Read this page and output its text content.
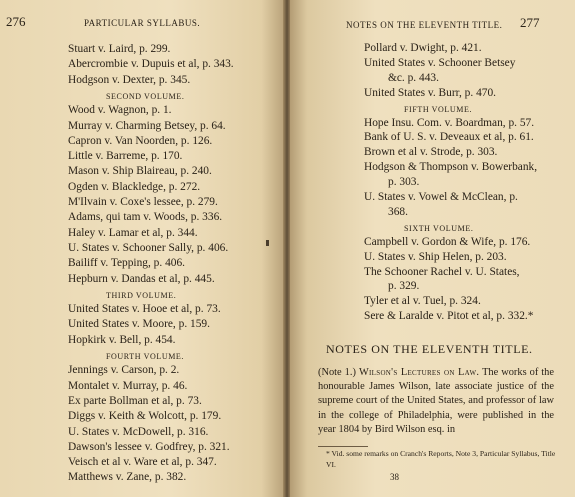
276	PARTICULAR SYLLABUS.
Stuart v. Laird, p. 299.
Abercrombie v. Dupuis et al, p. 343.
Hodgson v. Dexter, p. 345.
SECOND VOLUME.
Wood v. Wagnon, p. 1.
Murray v. Charming Betsey, p. 64.
Capron v. Van Noorden, p. 126.
Little v. Barreme, p. 170.
Mason v. Ship Blaireau, p. 240.
Ogden v. Blackledge, p. 272.
M'Ilvain v. Coxe's lessee, p. 279.
Adams, qui tam v. Woods, p. 336.
Haley v. Lamar et al, p. 344.
U. States v. Schooner Sally, p. 406.
Bailiff v. Tepping, p. 406.
Hepburn v. Dandas et al, p. 445.
THIRD VOLUME.
United States v. Hooe et al, p. 73.
United States v. Moore, p. 159.
Hopkirk v. Bell, p. 454.
FOURTH VOLUME.
Jennings v. Carson, p. 2.
Montalet v. Murray, p. 46.
Ex parte Bollman et al, p. 73.
Diggs v. Keith & Wolcott, p. 179.
U. States v. McDowell, p. 316.
Dawson's lessee v. Godfrey, p. 321.
Veisch et al v. Ware et al, p. 347.
Matthews v. Zane, p. 382.
NOTES ON THE ELEVENTH TITLE. 277
Pollard v. Dwight, p. 421.
United States v. Schooner Betsey
&c. p. 443.
United States v. Burr, p. 470.
FIFTH VOLUME.
Hope Insu. Com. v. Boardman, p. 57.
Bank of U. S. v. Deveaux et al, p. 61.
Brown et al v. Strode, p. 303.
Hodgson & Thompson v. Bowerbank,
p. 303.
U. States v. Vowel & McClean, p.
368.
SIXTH VOLUME.
Campbell v. Gordon & Wife, p. 176.
U. States v. Ship Helen, p. 203.
The Schooner Rachel v. U. States,
p. 329.
Tyler et al v. Tuel, p. 324.
Sere & Laralde v. Pitot et al, p. 332.*
NOTES ON THE ELEVENTH TITLE.
(Note 1.) Wilson's Lectures on Law. The works of the honourable James Wilson, late associate justice of the supreme court of the United States, and professor of law in the college of Philadelphia, were published in the year 1804 by Bird Wilson esq. in
* Vid. some remarks on Cranch's Reports, Note 3, Particular Syllabus, Title VI.
38
